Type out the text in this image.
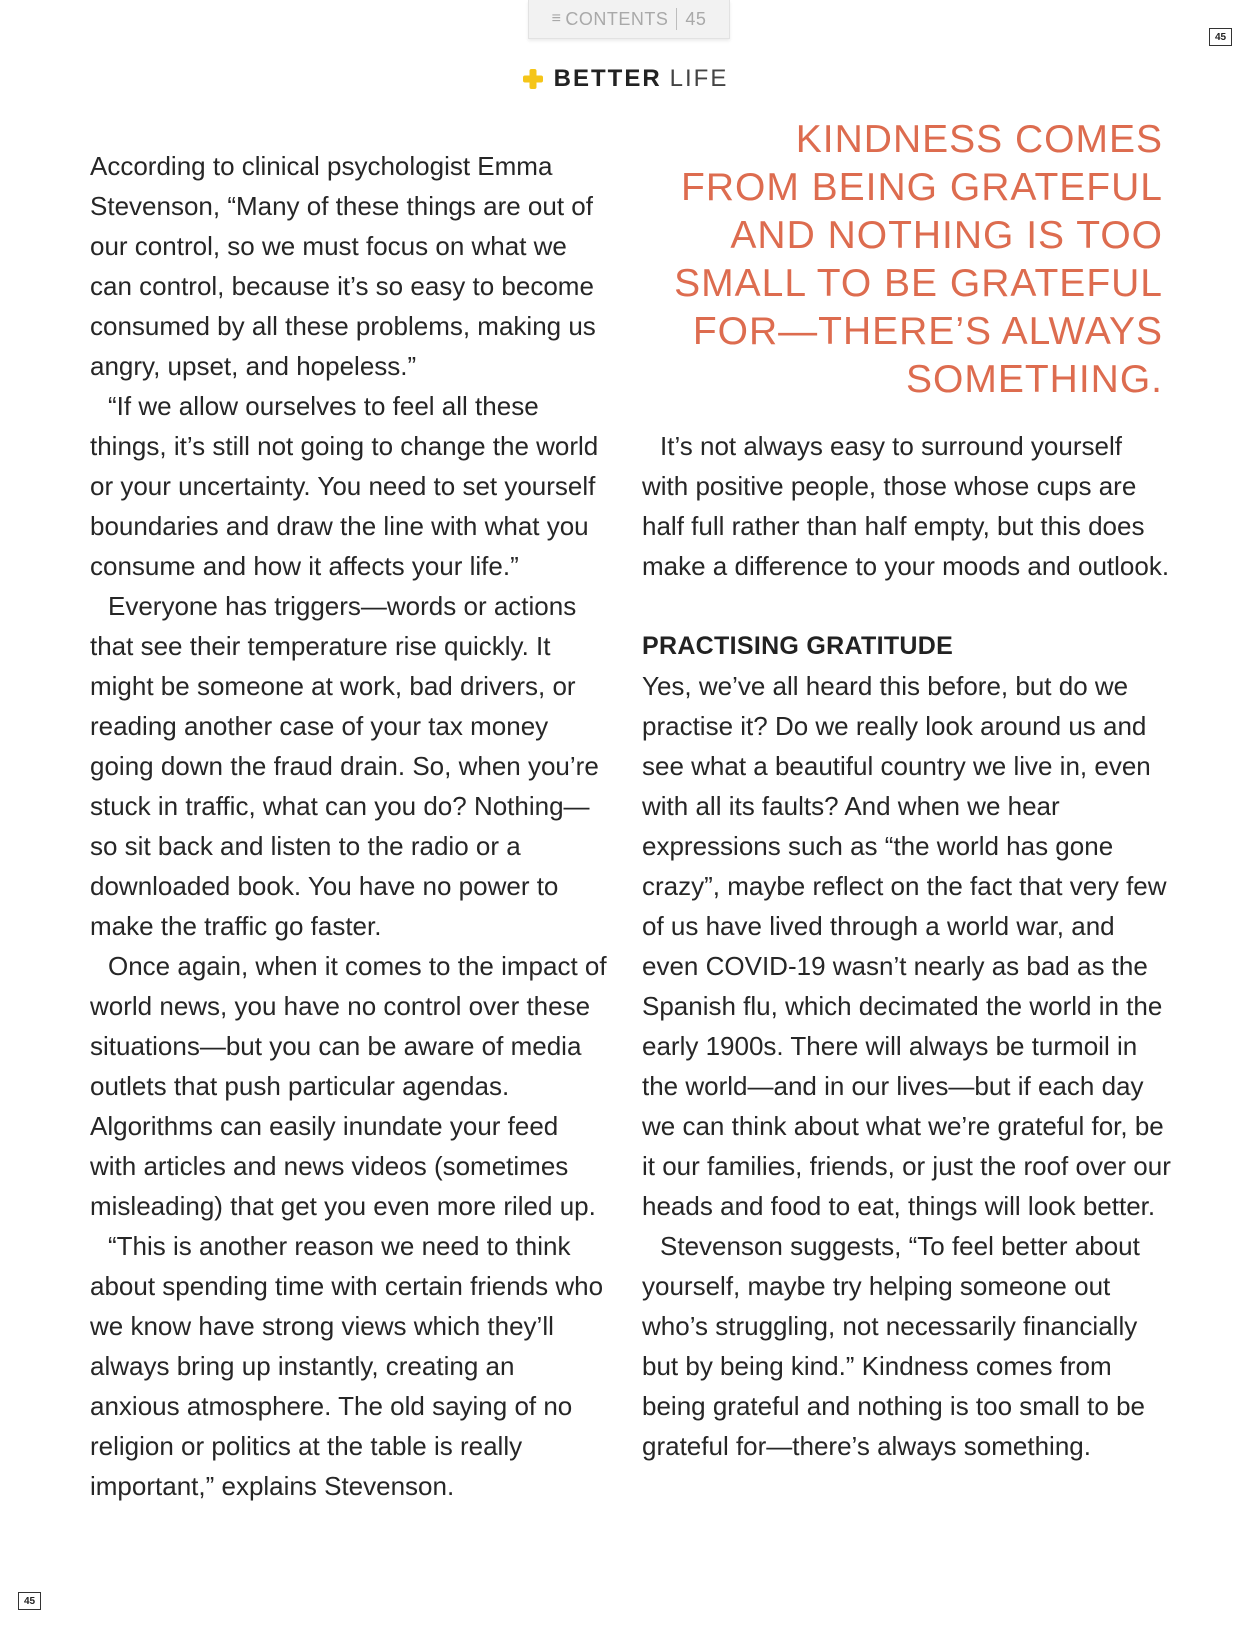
≡ CONTENTS 45
45
45
BETTER LIFE

According to clinical psychologist Emma Stevenson, “Many of these things are out of our control, so we must focus on what we can control, because it’s so easy to become consumed by all these problems, making us angry, upset, and hopeless.”

“If we allow ourselves to feel all these things, it’s still not going to change the world or your uncertainty. You need to set yourself boundaries and draw the line with what you consume and how it affects your life.”

Everyone has triggers—words or actions that see their temperature rise quickly. It might be someone at work, bad drivers, or reading another case of your tax money going down the fraud drain. So, when you’re stuck in traffic, what can you do? Nothing—so sit back and listen to the radio or a downloaded book. You have no power to make the traffic go faster.

Once again, when it comes to the impact of world news, you have no control over these situations—but you can be aware of media outlets that push particular agendas. Algorithms can easily inundate your feed with articles and news videos (sometimes misleading) that get you even more riled up.

“This is another reason we need to think about spending time with certain friends who we know have strong views which they’ll always bring up instantly, creating an anxious atmosphere. The old saying of no religion or politics at the table is really important,” explains Stevenson.

KINDNESS COMES
FROM BEING GRATEFUL
AND NOTHING IS TOO
SMALL TO BE GRATEFUL
FOR—THERE’S ALWAYS
SOMETHING.

It’s not always easy to surround yourself with positive people, those whose cups are half full rather than half empty, but this does make a difference to your moods and outlook.

PRACTISING GRATITUDE

Yes, we’ve all heard this before, but do we practise it? Do we really look around us and see what a beautiful country we live in, even with all its faults? And when we hear expressions such as “the world has gone crazy”, maybe reflect on the fact that very few of us have lived through a world war, and even COVID-19 wasn’t nearly as bad as the Spanish flu, which decimated the world in the early 1900s. There will always be turmoil in the world—and in our lives—but if each day we can think about what we’re grateful for, be it our families, friends, or just the roof over our heads and food to eat, things will look better.

Stevenson suggests, “To feel better about yourself, maybe try helping someone out who’s struggling, not necessarily financially but by being kind.” Kindness comes from being grateful and nothing is too small to be grateful for—there’s always something.
